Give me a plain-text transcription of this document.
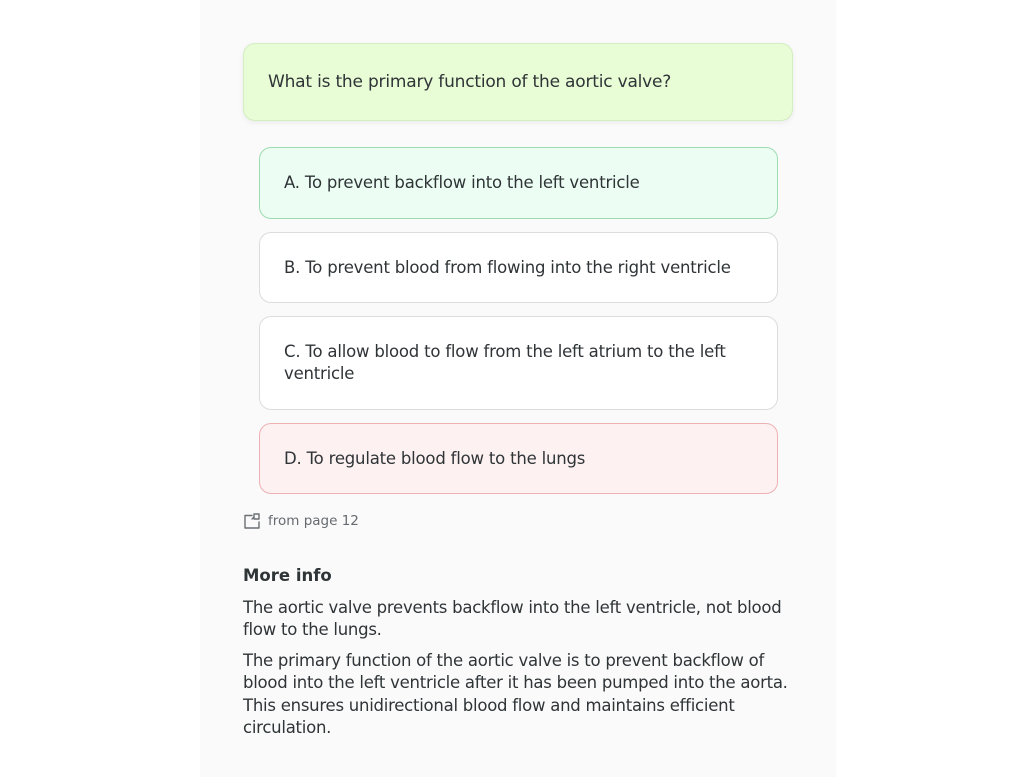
What is the primary function of the aortic valve?
A. To prevent backflow into the left ventricle
B. To prevent blood from flowing into the right ventricle
C. To allow blood to flow from the left atrium to the left ventricle
D. To regulate blood flow to the lungs
from page 12
More info
The aortic valve prevents backflow into the left ventricle, not blood flow to the lungs.
The primary function of the aortic valve is to prevent backflow of blood into the left ventricle after it has been pumped into the aorta. This ensures unidirectional blood flow and maintains efficient circulation.
